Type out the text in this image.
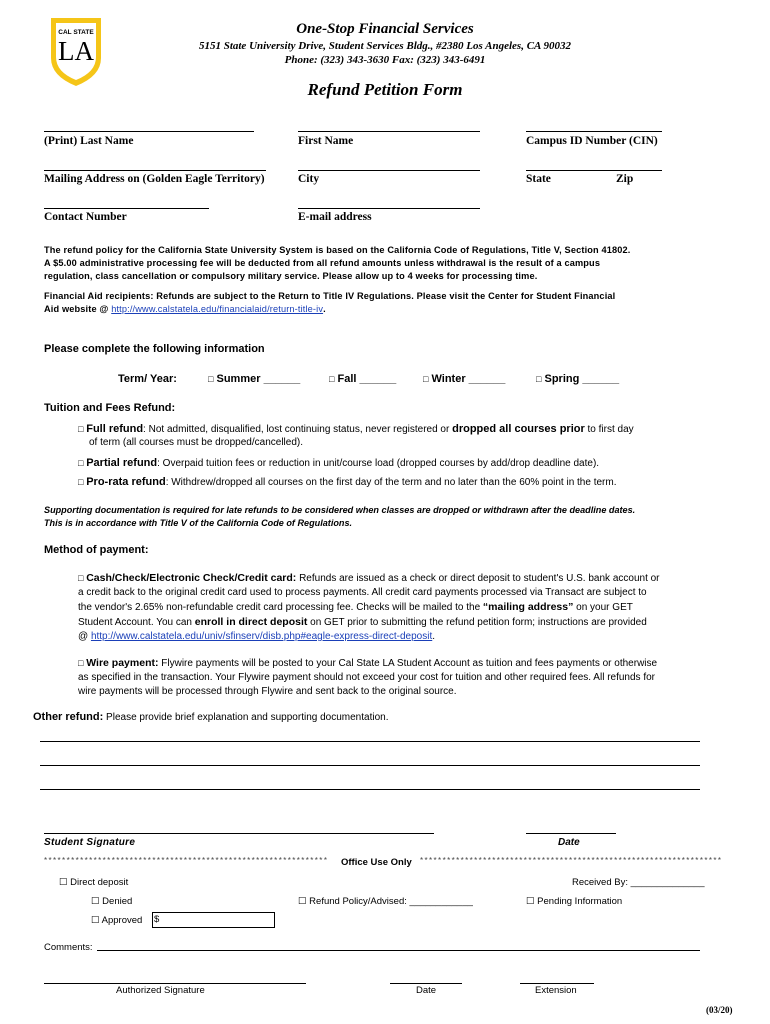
CAL STATE
LA
One-Stop Financial Services
5151 State University Drive, Student Services Bldg., #2380 Los Angeles, CA 90032
Phone: (323) 343-3630 Fax: (323) 343-6491
Refund Petition Form
(Print) Last Name	First Name	Campus ID Number (CIN)
Mailing Address on (Golden Eagle Territory)	City	State	Zip
Contact Number	E-mail address
The refund policy for the California State University System is based on the California Code of Regulations, Title V, Section 41802.
A $5.00 administrative processing fee will be deducted from all refund amounts unless withdrawal is the result of a campus
regulation, class cancellation or compulsory military service. Please allow up to 4 weeks for processing time.
Financial Aid recipients: Refunds are subject to the Return to Title IV Regulations. Please visit the Center for Student Financial
Aid website @ http://www.calstatela.edu/financialaid/return-title-iv.
Please complete the following information
Term/ Year:	□ Summer ______	□ Fall ______	□ Winter ______	□ Spring ______
Tuition and Fees Refund:
□ Full refund: Not admitted, disqualified, lost continuing status, never registered or dropped all courses prior to first day
of term (all courses must be dropped/cancelled).
□ Partial refund: Overpaid tuition fees or reduction in unit/course load (dropped courses by add/drop deadline date).
□ Pro-rata refund: Withdrew/dropped all courses on the first day of the term and no later than the 60% point in the term.
Supporting documentation is required for late refunds to be considered when classes are dropped or withdrawn after the deadline dates.
This is in accordance with Title V of the California Code of Regulations.
Method of payment:
□ Cash/Check/Electronic Check/Credit card: Refunds are issued as a check or direct deposit to student's U.S. bank account or
a credit back to the original credit card used to process payments. All credit card payments processed via Transact are subject to
the vendor's 2.65% non-refundable credit card processing fee. Checks will be mailed to the “mailing address” on your GET
Student Account. You can enroll in direct deposit on GET prior to submitting the refund petition form; instructions are provided
@ http://www.calstatela.edu/univ/sfinserv/disb.php#eagle-express-direct-deposit.
□ Wire payment: Flywire payments will be posted to your Cal State LA Student Account as tuition and fees payments or otherwise
as specified in the transaction. Your Flywire payment should not exceed your cost for tuition and other required fees. All refunds for
wire payments will be processed through Flywire and sent back to the original source.
Other refund: Please provide brief explanation and supporting documentation.
Student Signature	Date
***************************************************************	Office Use Only *******************************************************************
☐ Direct deposit	Received By: ______________
☐ Denied	☐ Refund Policy/Advised: ____________	☐ Pending Information
☐ Approved $
Comments:
Authorized Signature	Date	Extension
(03/20)
